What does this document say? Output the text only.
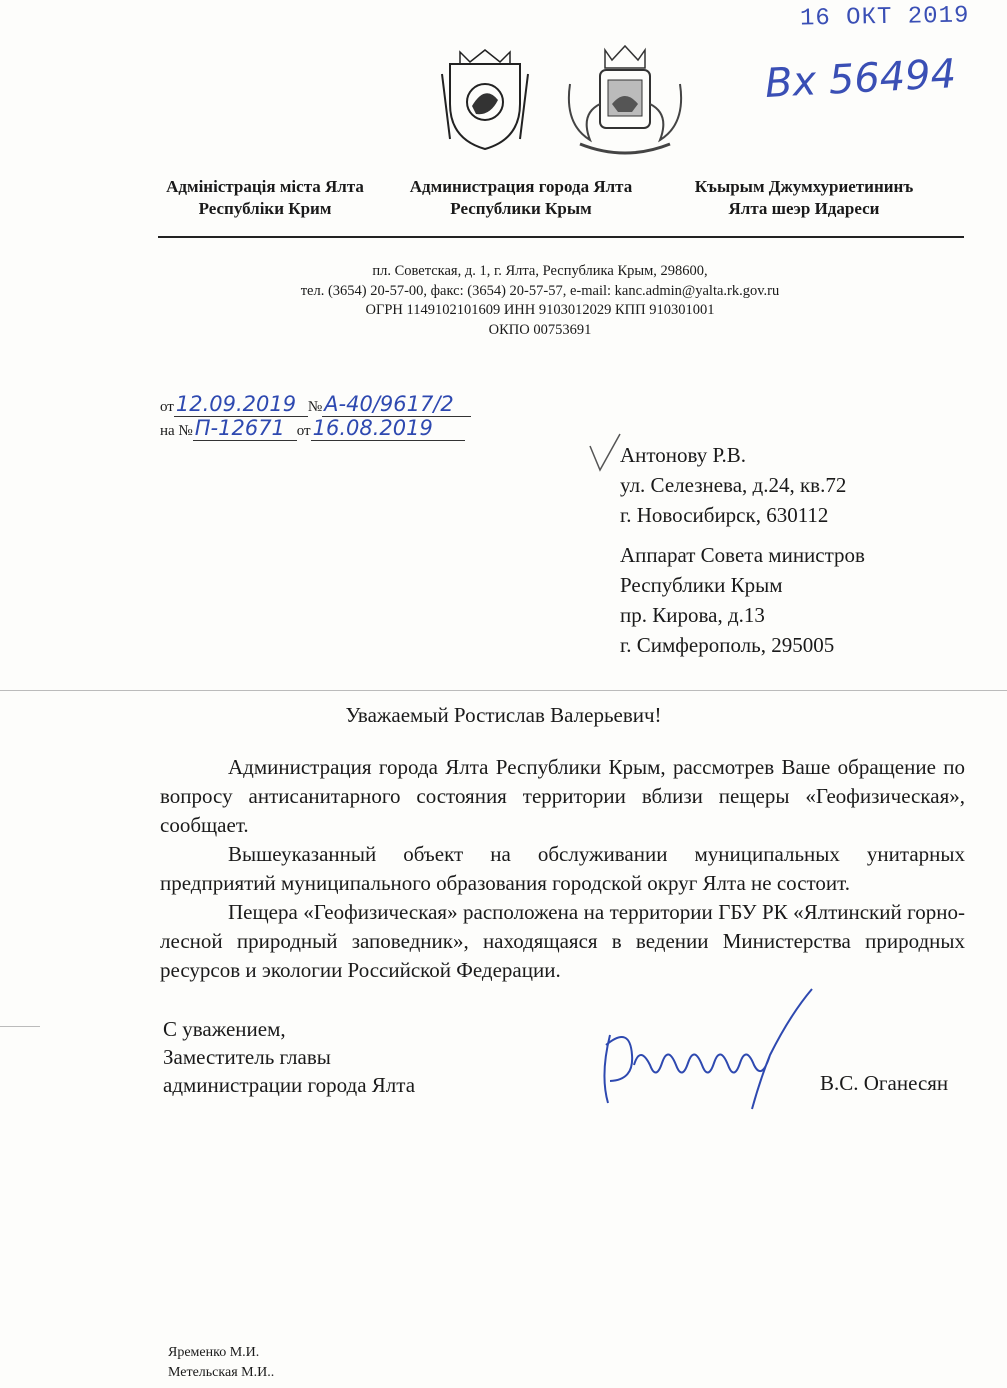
16 ОКТ 2019
Вх 56494
Адміністрація міста Ялта
Республіки Крим
Администрация города Ялта
Республики Крым
Къырым Джумхуриетининъ
Ялта шеэр Идареси
пл. Советская, д. 1, г. Ялта, Республика Крым, 298600,
тел. (3654) 20-57-00, факс: (3654) 20-57-57, e-mail: kanc.admin@yalta.rk.gov.ru
ОГРН 1149102101609 ИНН 9103012029 КПП 910301001
ОКПО 00753691
от12.09.2019 №А-40/9617/2
на №П-12671 от16.08.2019
Антонову Р.В.
ул. Селезнева, д.24, кв.72
г. Новосибирск, 630112
Аппарат Совета министров
Республики Крым
пр. Кирова, д.13
г. Симферополь, 295005
Уважаемый Ростислав Валерьевич!

Администрация города Ялта Республики Крым, рассмотрев Ваше обращение по вопросу антисанитарного состояния территории вблизи пещеры «Геофизическая», сообщает.

Вышеуказанный объект на обслуживании муниципальных унитарных предприятий муниципального образования городской округ Ялта не состоит.

Пещера «Геофизическая» расположена на территории ГБУ РК «Ялтинский горно-лесной природный заповедник», находящаяся в ведении Министерства природных ресурсов и экологии Российской Федерации.

С уважением,
Заместитель главы
администрации города Ялта	В.С. Оганесян
Яременко М.И.
Метельская М.И..
